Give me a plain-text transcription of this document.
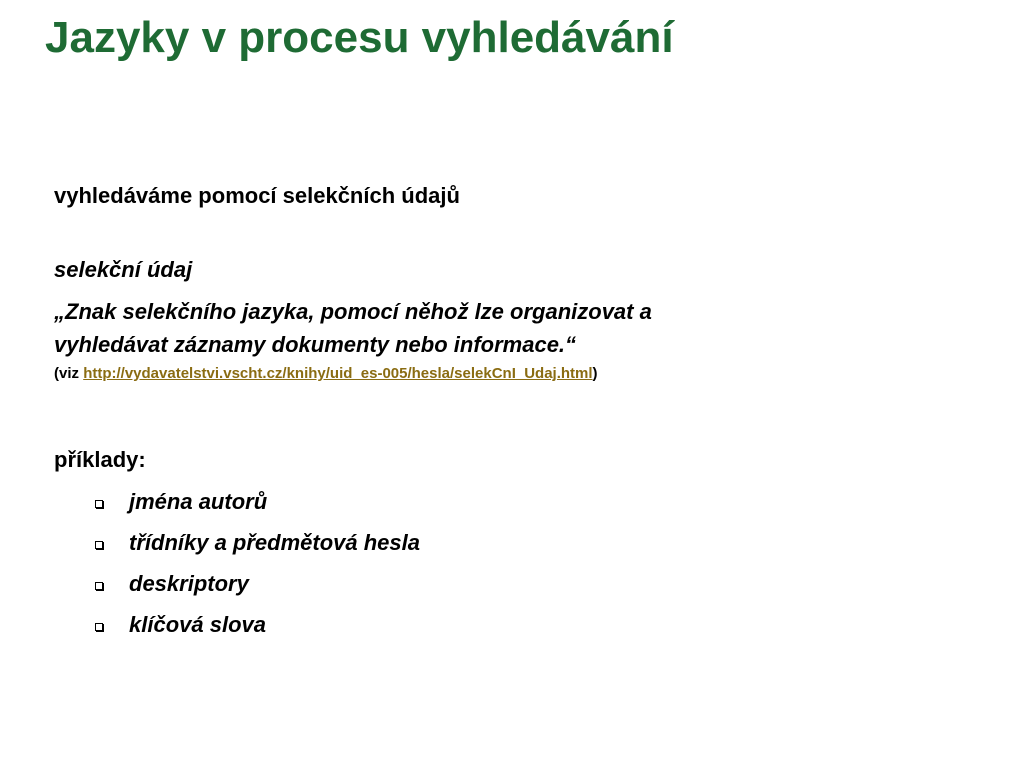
Jazyky v procesu vyhledávání

vyhledáváme pomocí selekčních údajů

selekční údaj

„Znak selekčního jazyka, pomocí něhož lze organizovat a
vyhledávat záznamy dokumenty nebo informace.“

(viz http://vydavatelstvi.vscht.cz/knihy/uid_es-005/hesla/selekCnI_Udaj.html)

příklady:

jména autorů
třídníky a předmětová hesla
deskriptory
klíčová slova
